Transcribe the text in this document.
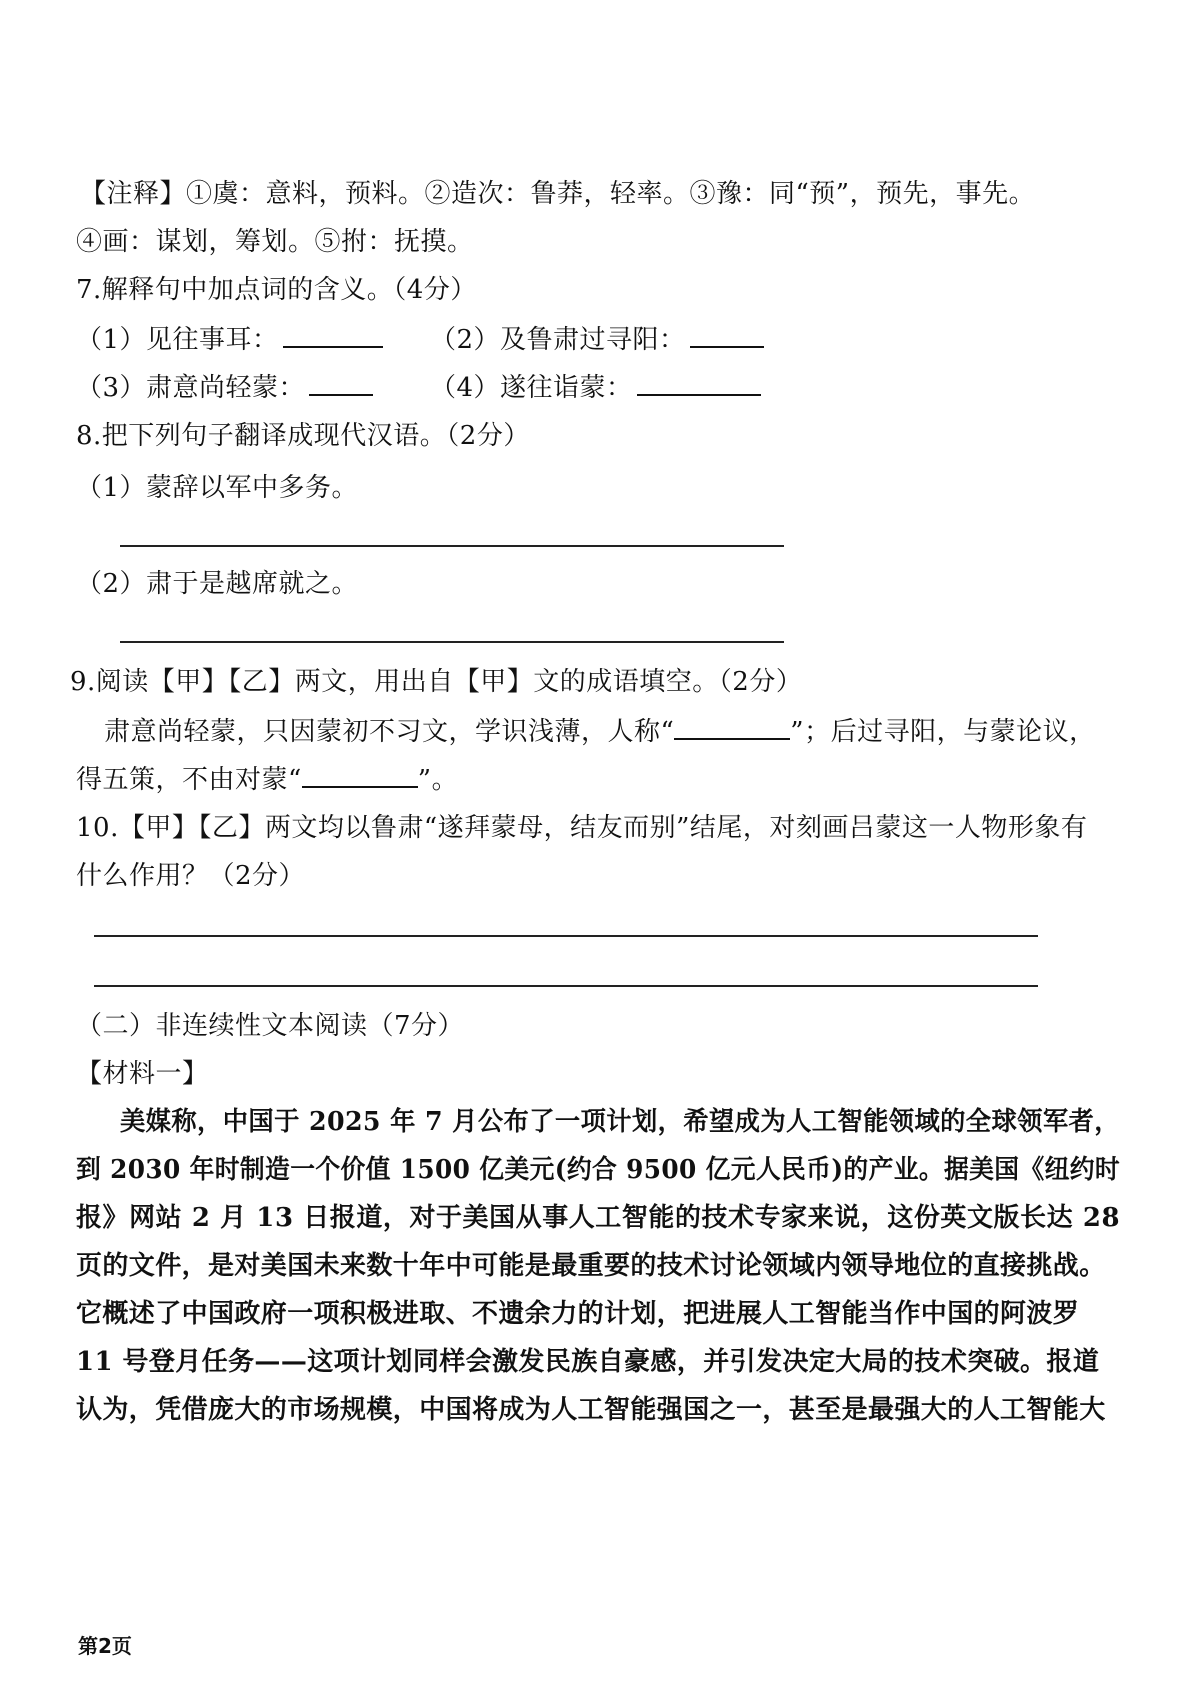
【注释】①虞：意料，预料。②造次：鲁莽，轻率。③豫：同“预”，预先，事先。
④画：谋划，筹划。⑤拊：抚摸。
7.解释句中加点词的含义。（4分）
（1）见往事耳：	（2）及鲁肃过寻阳：
（3）肃意尚轻蒙：	（4）遂往诣蒙：
8.把下列句子翻译成现代汉语。（2分）
（1）蒙辞以军中多务。
（2）肃于是越席就之。
9.阅读【甲】【乙】两文，用出自【甲】文的成语填空。（2分）
肃意尚轻蒙，只因蒙初不习文，学识浅薄，人称“	”；后过寻阳，与蒙论议，
得五策，不由对蒙“	”。
10.【甲】【乙】两文均以鲁肃“遂拜蒙母，结友而别”结尾，对刻画吕蒙这一人物形象有
什么作用？（2分）
（二）非连续性文本阅读（7分）
【材料一】
美媒称，中国于 2025 年 7 月公布了一项计划，希望成为人工智能领域的全球领军者，
到 2030 年时制造一个价值 1500 亿美元(约合 9500 亿元人民币)的产业。据美国《纽约时
报》网站 2 月 13 日报道，对于美国从事人工智能的技术专家来说，这份英文版长达 28
页的文件，是对美国未来数十年中可能是最重要的技术讨论领域内领导地位的直接挑战。
它概述了中国政府一项积极进取、不遗余力的计划，把进展人工智能当作中国的阿波罗
11 号登月任务——这项计划同样会激发民族自豪感，并引发决定大局的技术突破。报道
认为，凭借庞大的市场规模，中国将成为人工智能强国之一，甚至是最强大的人工智能大
第2页
